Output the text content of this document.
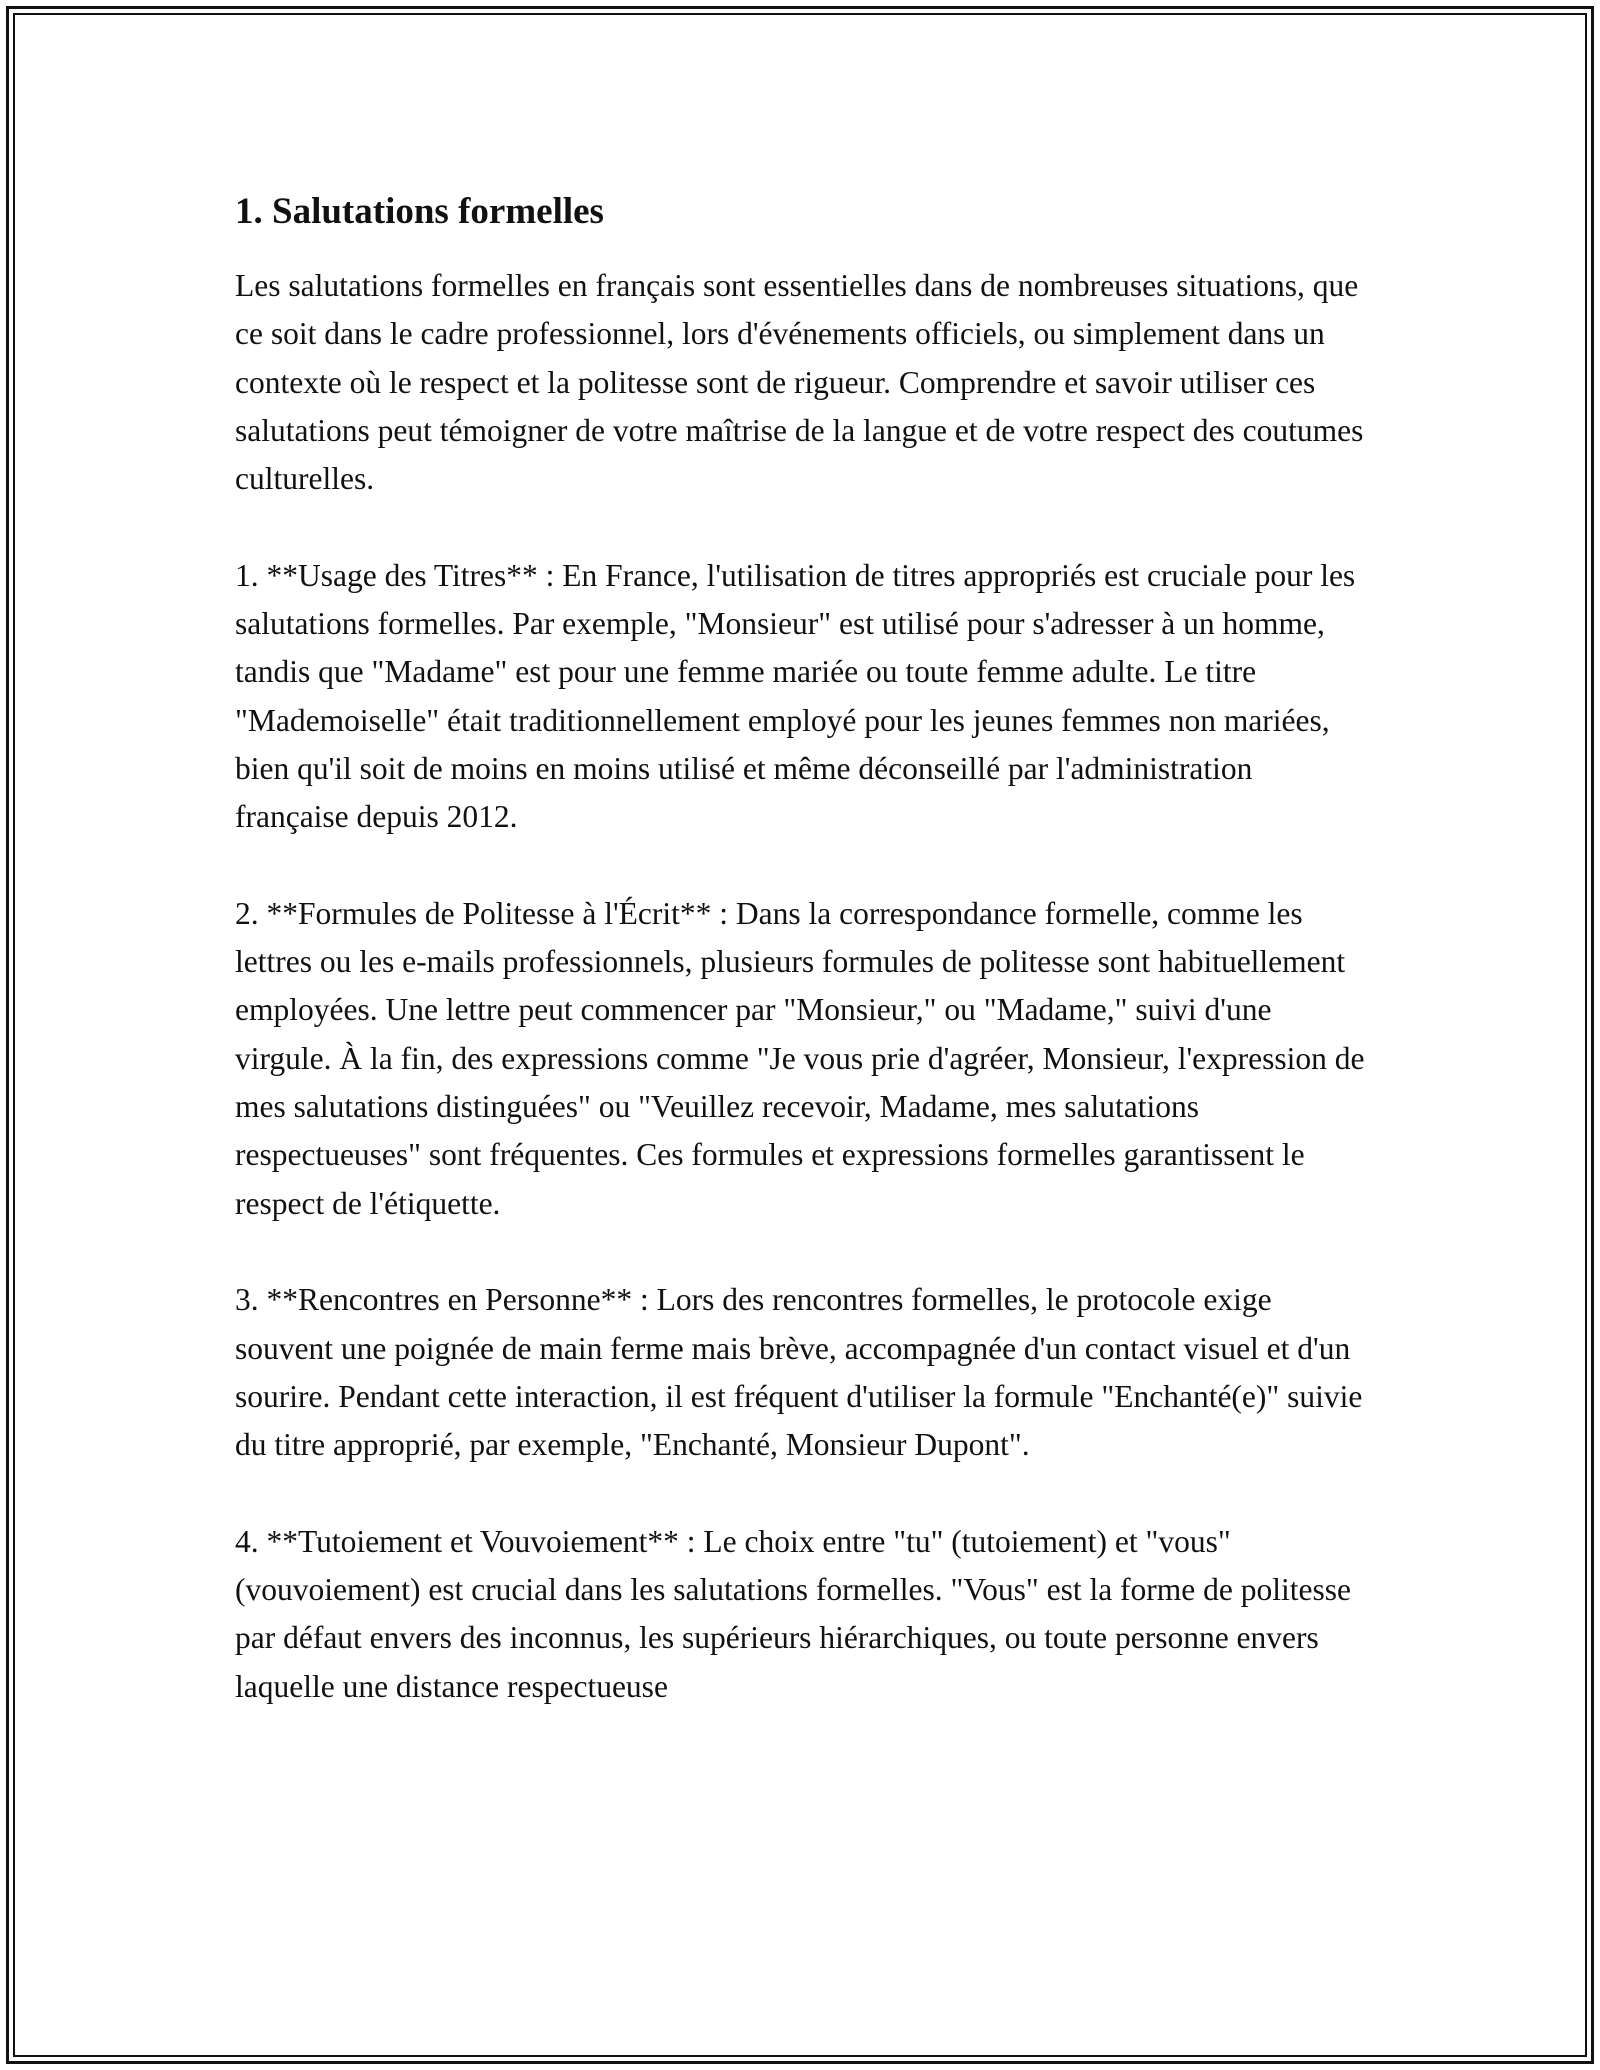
1. Salutations formelles

Les salutations formelles en français sont essentielles dans de nombreuses situations, que ce soit dans le cadre professionnel, lors d'événements officiels, ou simplement dans un contexte où le respect et la politesse sont de rigueur. Comprendre et savoir utiliser ces salutations peut témoigner de votre maîtrise de la langue et de votre respect des coutumes culturelles.

1. **Usage des Titres** : En France, l'utilisation de titres appropriés est cruciale pour les salutations formelles. Par exemple, "Monsieur" est utilisé pour s'adresser à un homme, tandis que "Madame" est pour une femme mariée ou toute femme adulte. Le titre "Mademoiselle" était traditionnellement employé pour les jeunes femmes non mariées, bien qu'il soit de moins en moins utilisé et même déconseillé par l'administration française depuis 2012.

2. **Formules de Politesse à l'Écrit** : Dans la correspondance formelle, comme les lettres ou les e-mails professionnels, plusieurs formules de politesse sont habituellement employées. Une lettre peut commencer par "Monsieur," ou "Madame," suivi d'une virgule. À la fin, des expressions comme "Je vous prie d'agréer, Monsieur, l'expression de mes salutations distinguées" ou "Veuillez recevoir, Madame, mes salutations respectueuses" sont fréquentes. Ces formules et expressions formelles garantissent le respect de l'étiquette.

3. **Rencontres en Personne** : Lors des rencontres formelles, le protocole exige souvent une poignée de main ferme mais brève, accompagnée d'un contact visuel et d'un sourire. Pendant cette interaction, il est fréquent d'utiliser la formule "Enchanté(e)" suivie du titre approprié, par exemple, "Enchanté, Monsieur Dupont".

4. **Tutoiement et Vouvoiement** : Le choix entre "tu" (tutoiement) et "vous" (vouvoiement) est crucial dans les salutations formelles. "Vous" est la forme de politesse par défaut envers des inconnus, les supérieurs hiérarchiques, ou toute personne envers laquelle une distance respectueuse
